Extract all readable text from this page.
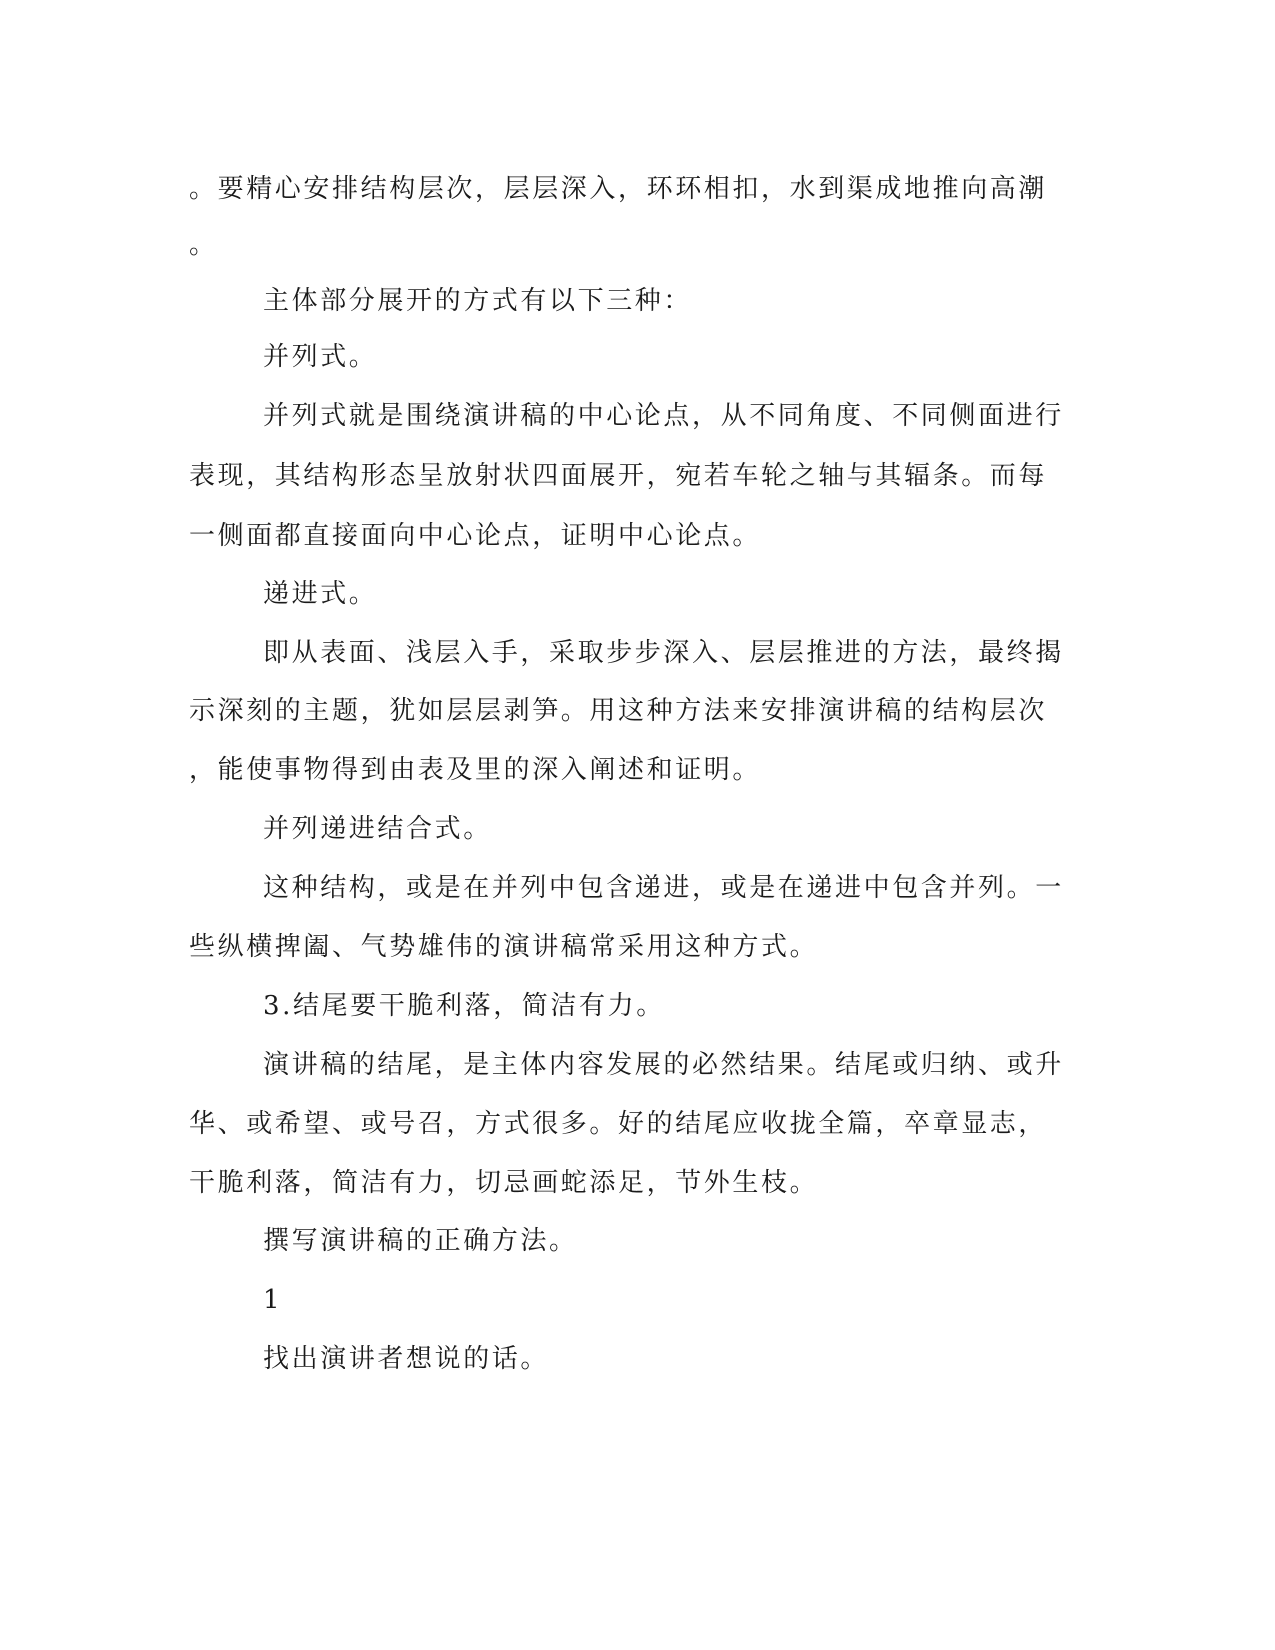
。要精心安排结构层次，层层深入，环环相扣，水到渠成地推向高潮
。
主体部分展开的方式有以下三种：
并列式。
并列式就是围绕演讲稿的中心论点，从不同角度、不同侧面进行
表现，其结构形态呈放射状四面展开，宛若车轮之轴与其辐条。而每
一侧面都直接面向中心论点，证明中心论点。
递进式。
即从表面、浅层入手，采取步步深入、层层推进的方法，最终揭
示深刻的主题，犹如层层剥笋。用这种方法来安排演讲稿的结构层次
，能使事物得到由表及里的深入阐述和证明。
并列递进结合式。
这种结构，或是在并列中包含递进，或是在递进中包含并列。一
些纵横捭阖、气势雄伟的演讲稿常采用这种方式。
3.结尾要干脆利落，简洁有力。
演讲稿的结尾，是主体内容发展的必然结果。结尾或归纳、或升
华、或希望、或号召，方式很多。好的结尾应收拢全篇，卒章显志，
干脆利落，简洁有力，切忌画蛇添足，节外生枝。
撰写演讲稿的正确方法。
1
找出演讲者想说的话。
